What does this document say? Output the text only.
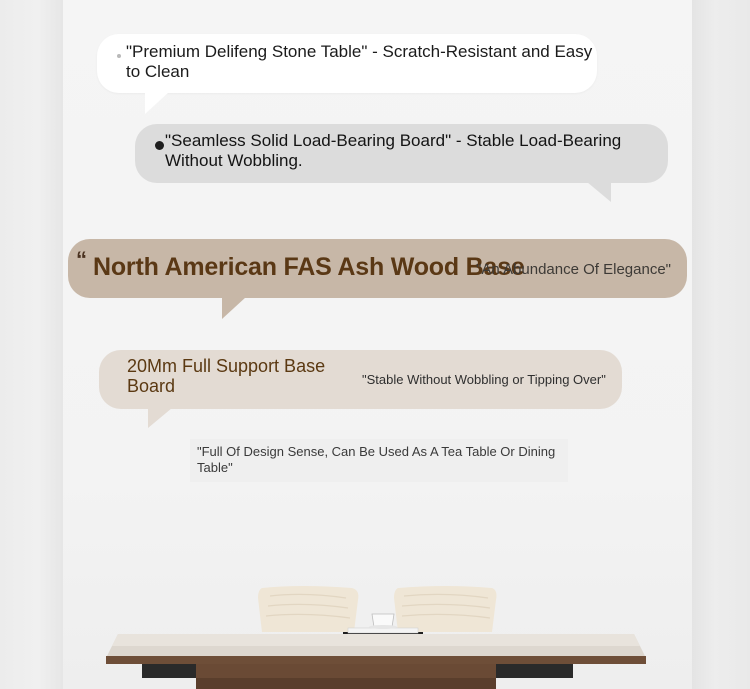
"Premium Delifeng Stone Table" - Scratch-Resistant and Easy to Clean
"Seamless Solid Load-Bearing Board" - Stable Load-Bearing Without Wobbling.
“ North American FAS Ash Wood Base
"An Abundance Of Elegance"
20Mm Full Support Base Board	"Stable Without Wobbling or Tipping Over"
"Full Of Design Sense, Can Be Used As A Tea Table Or Dining Table"
